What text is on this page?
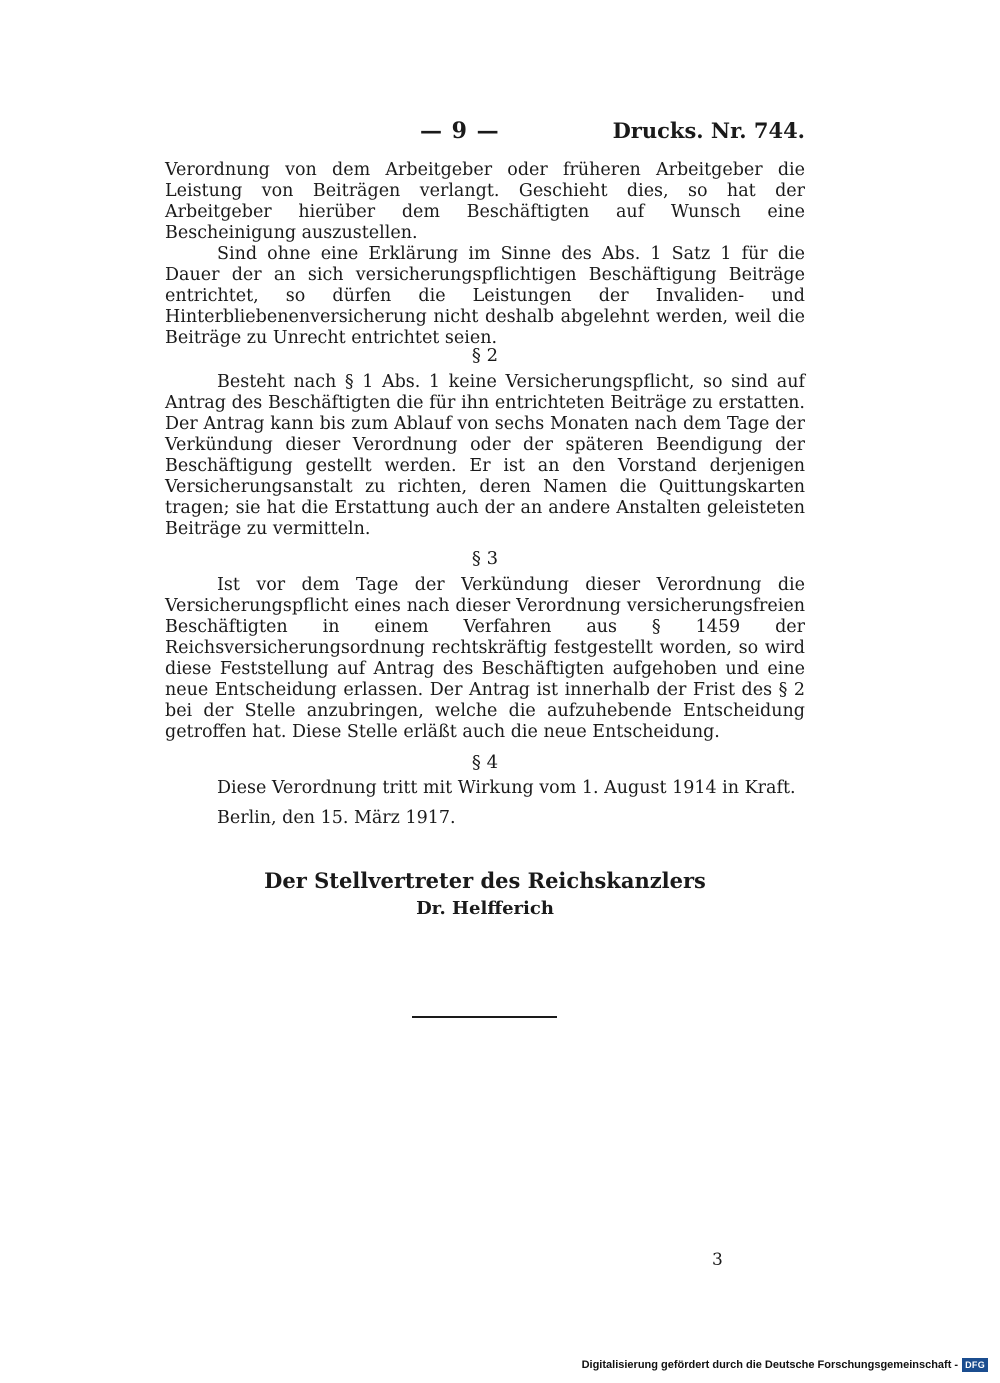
— 9 —	Drucks. Nr. 744.

Verordnung von dem Arbeitgeber oder früheren Arbeitgeber die Leistung von Beiträgen verlangt. Geschieht dies, so hat der Arbeitgeber hierüber dem Beschäftigten auf Wunsch eine Bescheinigung auszustellen.

Sind ohne eine Erklärung im Sinne des Abs. 1 Satz 1 für die Dauer der an sich versicherungspflichtigen Beschäftigung Beiträge entrichtet, so dürfen die Leistungen der Invaliden- und Hinterbliebenenversicherung nicht deshalb abgelehnt werden, weil die Beiträge zu Unrecht entrichtet seien.

§ 2

Besteht nach § 1 Abs. 1 keine Versicherungspflicht, so sind auf Antrag des Beschäftigten die für ihn entrichteten Beiträge zu erstatten. Der Antrag kann bis zum Ablauf von sechs Monaten nach dem Tage der Verkündung dieser Verordnung oder der späteren Beendigung der Beschäftigung gestellt werden. Er ist an den Vorstand derjenigen Versicherungsanstalt zu richten, deren Namen die Quittungskarten tragen; sie hat die Erstattung auch der an andere Anstalten geleisteten Beiträge zu vermitteln.

§ 3

Ist vor dem Tage der Verkündung dieser Verordnung die Versicherungspflicht eines nach dieser Verordnung versicherungsfreien Beschäftigten in einem Verfahren aus § 1459 der Reichsversicherungsordnung rechtskräftig festgestellt worden, so wird diese Feststellung auf Antrag des Beschäftigten aufgehoben und eine neue Entscheidung erlassen. Der Antrag ist innerhalb der Frist des § 2 bei der Stelle anzubringen, welche die aufzuhebende Entscheidung getroffen hat. Diese Stelle erläßt auch die neue Entscheidung.

§ 4

Diese Verordnung tritt mit Wirkung vom 1. August 1914 in Kraft.

Berlin, den 15. März 1917.

Der Stellvertreter des Reichskanzlers
Dr. Helfferich
3
Digitalisierung gefördert durch die Deutsche Forschungsgemeinschaft - DFG
